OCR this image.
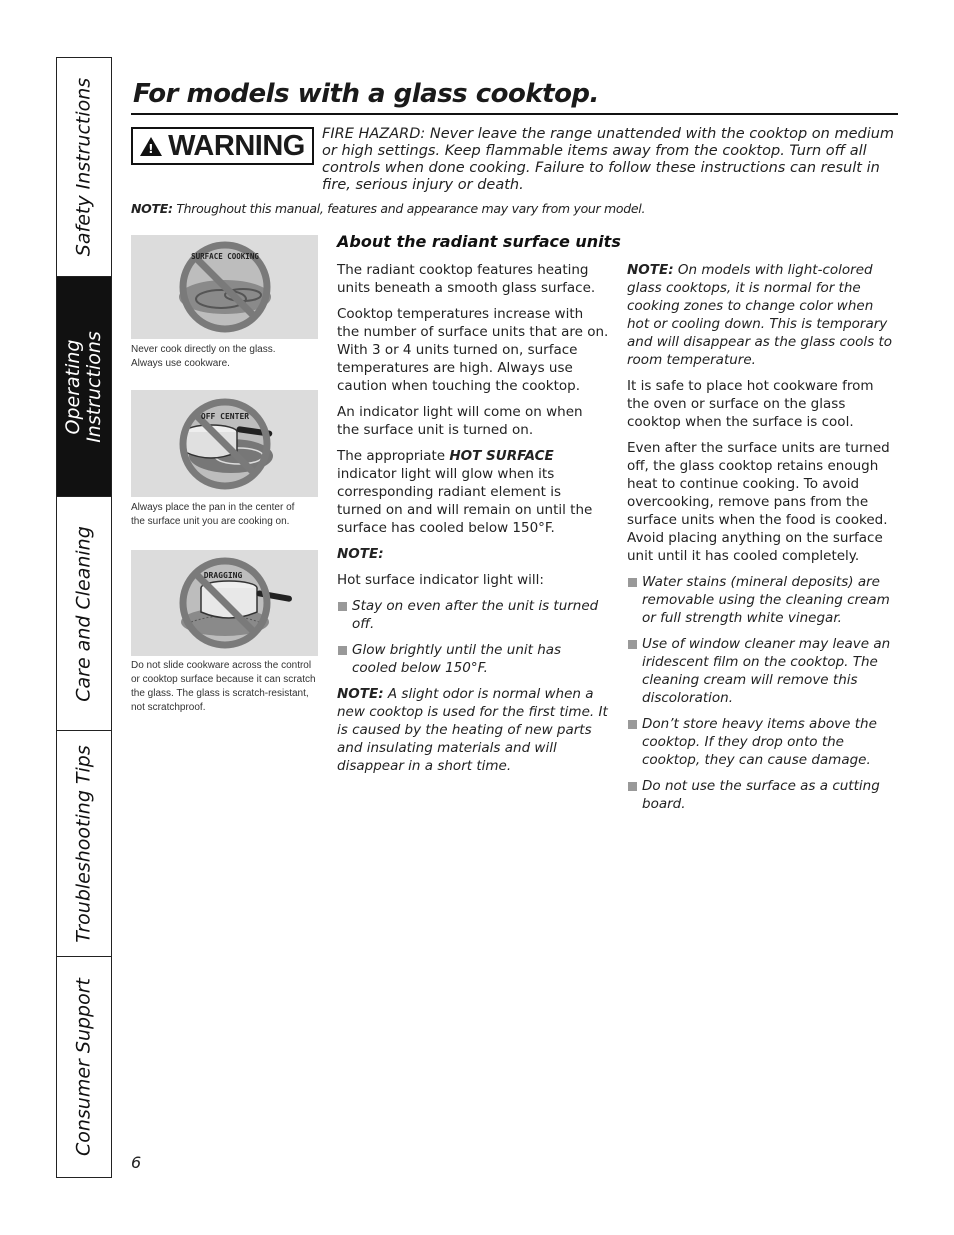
Safety Instructions
Operating
Instructions
Care and Cleaning
Troubleshooting Tips
Consumer Support
For models with a glass cooktop.
! WARNING FIRE HAZARD: Never leave the range unattended with the cooktop on medium or high settings. Keep flammable items away from the cooktop. Turn off all controls when done cooking. Failure to follow these instructions can result in fire, serious injury or death.
NOTE: Throughout this manual, features and appearance may vary from your model.
SURFACE COOKING
Never cook directly on the glass. Always use cookware.
OFF CENTER
Always place the pan in the center of the surface unit you are cooking on.
DRAGGING
Do not slide cookware across the control or cooktop surface because it can scratch the glass. The glass is scratch-resistant, not scratchproof.
About the radiant surface units

The radiant cooktop features heating units beneath a smooth glass surface.

Cooktop temperatures increase with the number of surface units that are on. With 3 or 4 units turned on, surface temperatures are high. Always use caution when touching the cooktop.

An indicator light will come on when the surface unit is turned on.

The appropriate HOT SURFACE indicator light will glow when its corresponding radiant element is turned on and will remain on until the surface has cooled below 150°F.

NOTE:

Hot surface indicator light will:

Stay on even after the unit is turned off.
Glow brightly until the unit has cooled below 150°F.

NOTE: A slight odor is normal when a new cooktop is used for the first time. It is caused by the heating of new parts and insulating materials and will disappear in a short time.

NOTE: On models with light-colored glass cooktops, it is normal for the cooking zones to change color when hot or cooling down. This is temporary and will disappear as the glass cools to room temperature.

It is safe to place hot cookware from the oven or surface on the glass cooktop when the surface is cool.

Even after the surface units are turned off, the glass cooktop retains enough heat to continue cooking. To avoid overcooking, remove pans from the surface units when the food is cooked. Avoid placing anything on the surface unit until it has cooled completely.

Water stains (mineral deposits) are removable using the cleaning cream or full strength white vinegar.
Use of window cleaner may leave an iridescent film on the cooktop. The cleaning cream will remove this discoloration.
Don’t store heavy items above the cooktop. If they drop onto the cooktop, they can cause damage.
Do not use the surface as a cutting board.
6
